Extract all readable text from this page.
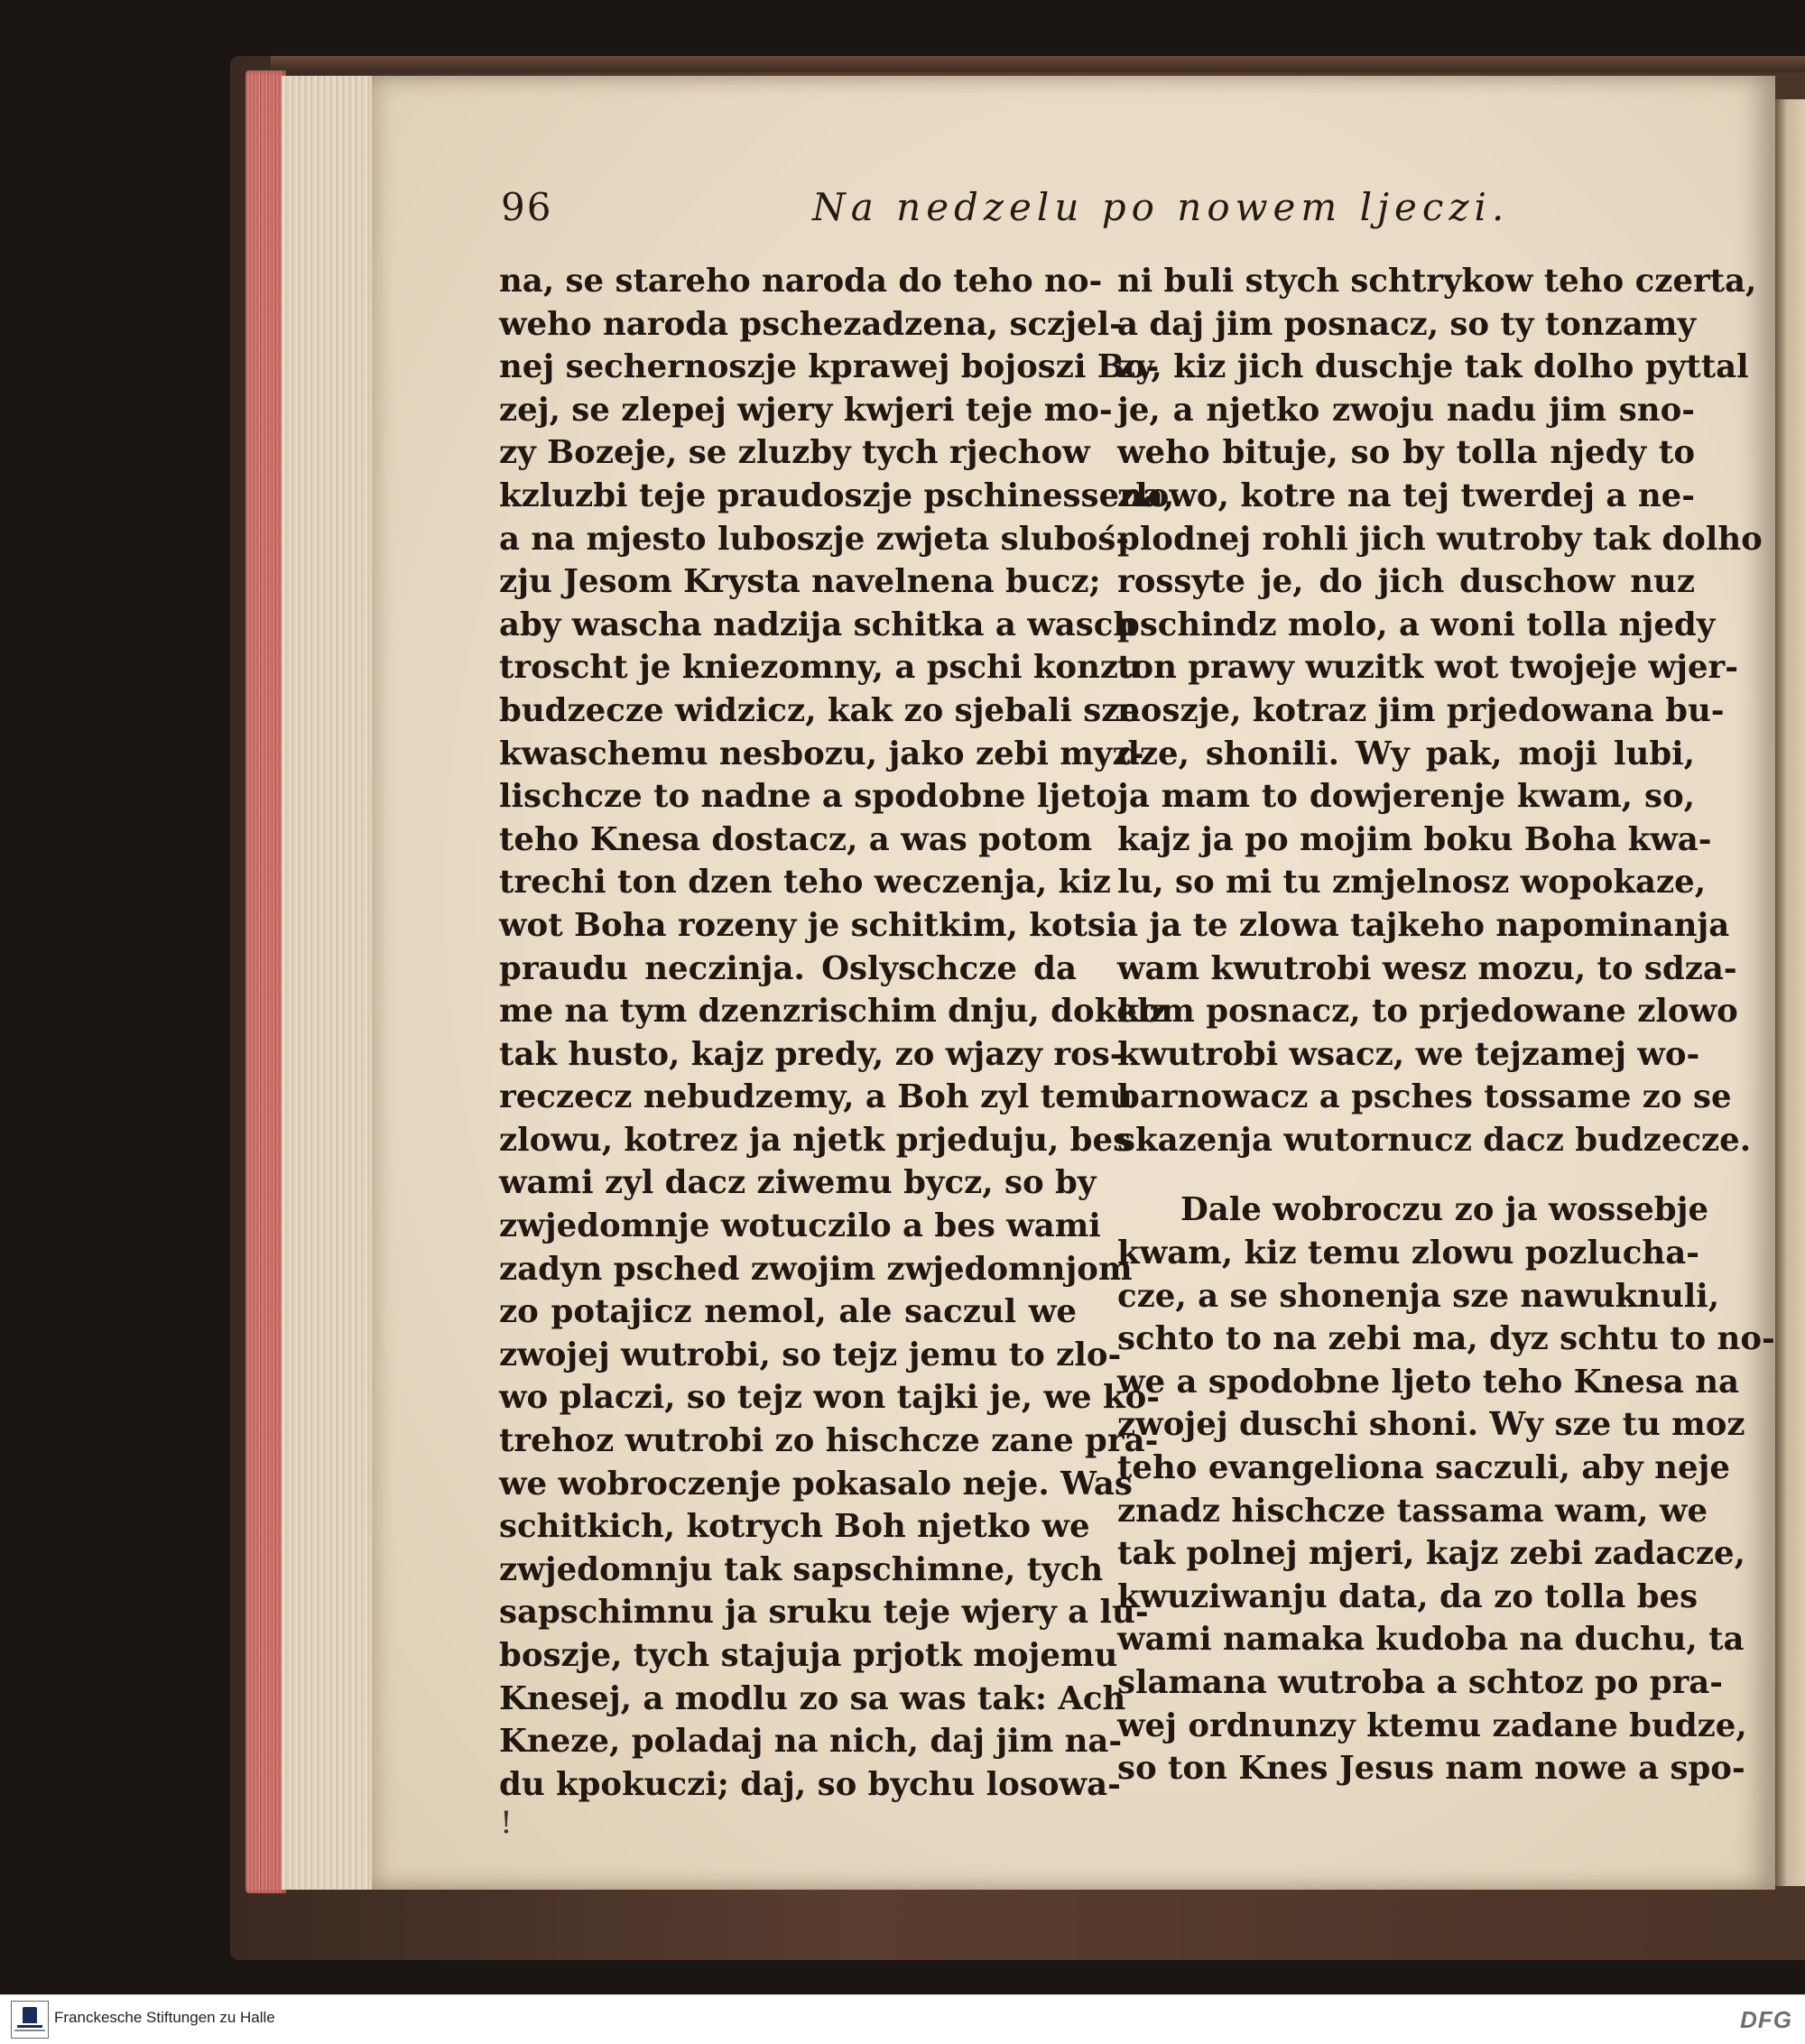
96	Na nedzelu po nowem ljeczi.
na, se stareho naroda do teho no-
weho naroda pschezadzena, sczjel-
nej sechernoszje kprawej bojoszi Bo-
zej, se zlepej wjery kwjeri teje mo-
zy Bozeje, se zluzby tych rjechow
kzluzbi teje praudoszje pschinessena,
a na mjesto luboszje zwjeta sluboś-
zju Jesom Krysta navelnena bucz;
aby wascha nadzija schitka a wasch
troscht je kniezomny, a pschi konzu
budzecze widzicz, kak zo sjebali sze
kwaschemu nesbozu, jako zebi myz-
lischcze to nadne a spodobne ljeto
teho Knesa dostacz, a was potom
trechi ton dzen teho weczenja, kiz
wot Boha rozeny je schitkim, kotsi
praudu neczinja. Oslyschcze da
me na tym dzenzrischim dnju, dokelz
tak husto, kajz predy, zo wjazy ros-
reczecz nebudzemy, a Boh zyl temu
zlowu, kotrez ja njetk prjeduju, bes
wami zyl dacz ziwemu bycz, so by
zwjedomnje wotuczilo a bes wami
zadyn psched zwojim zwjedomnjom
zo potajicz nemol, ale saczul we
zwojej wutrobi, so tejz jemu to zlo-
wo placzi, so tejz won tajki je, we ko-
trehoz wutrobi zo hischcze zane pra-
we wobroczenje pokasalo neje. Was
schitkich, kotrych Boh njetko we
zwjedomnju tak sapschimne, tych
sapschimnu ja sruku teje wjery a lu-
boszje, tych stajuja prjotk mojemu
Knesej, a modlu zo sa was tak: Ach
Kneze, poladaj na nich, daj jim na-
du kpokuczi; daj, so bychu losowa-
ni buli stych schtrykow teho czerta,
a daj jim posnacz, so ty tonzamy
zy, kiz jich duschje tak dolho pyttal
je, a njetko zwoju nadu jim sno-
weho bituje, so by tolla njedy to
zlowo, kotre na tej twerdej a ne-
plodnej rohli jich wutroby tak dolho
rossyte je, do jich duschow nuz
pschindz molo, a woni tolla njedy
ton prawy wuzitk wot twojeje wjer-
noszje, kotraz jim prjedowana bu-
dze, shonili. Wy pak, moji lubi,
ja mam to dowjerenje kwam, so,
kajz ja po mojim boku Boha kwa-
lu, so mi tu zmjelnosz wopokaze,
a ja te zlowa tajkeho napominanja
wam kwutrobi wesz mozu, to sdza-
kom posnacz, to prjedowane zlowo
kwutrobi wsacz, we tejzamej wo-
barnowacz a psches tossame zo se
skazenja wutornucz dacz budzecze.
Dale wobroczu zo ja wossebje
kwam, kiz temu zlowu pozlucha-
cze, a se shonenja sze nawuknuli,
schto to na zebi ma, dyz schtu to no-
we a spodobne ljeto teho Knesa na
zwojej duschi shoni. Wy sze tu moz
teho evangeliona saczuli, aby neje
znadz hischcze tassama wam, we
tak polnej mjeri, kajz zebi zadacze,
kwuziwanju data, da zo tolla bes
wami namaka kudoba na duchu, ta
slamana wutroba a schtoz po pra-
wej ordnunzy ktemu zadane budze,
so ton Knes Jesus nam nowe a spo-
!
Franckesche Stiftungen zu Halle	DFG
